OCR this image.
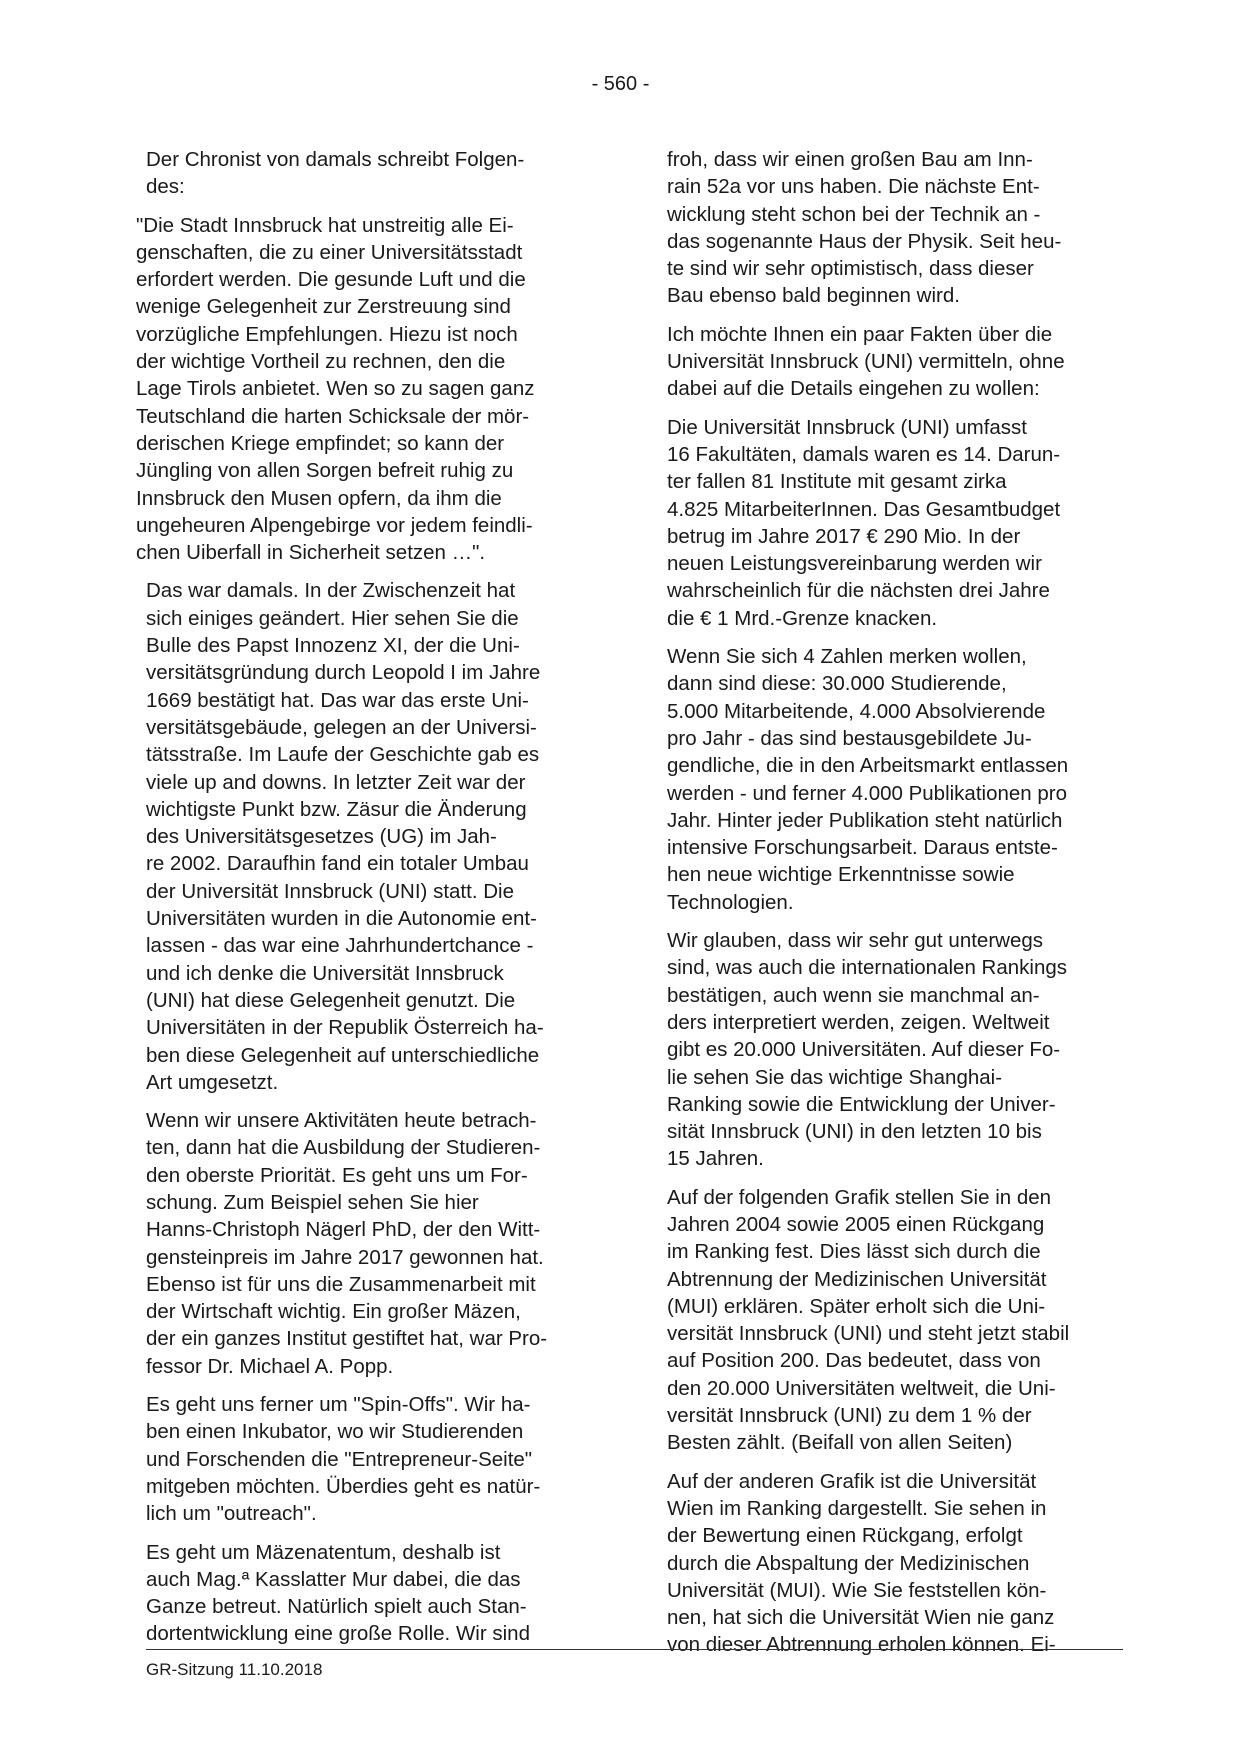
- 560 -

Der Chronist von damals schreibt Folgen-
des:

"Die Stadt Innsbruck hat unstreitig alle Ei-
genschaften, die zu einer Universitätsstadt
erfordert werden. Die gesunde Luft und die
wenige Gelegenheit zur Zerstreuung sind
vorzügliche Empfehlungen. Hiezu ist noch
der wichtige Vortheil zu rechnen, den die
Lage Tirols anbietet. Wen so zu sagen ganz
Teutschland die harten Schicksale der mör-
derischen Kriege empfindet; so kann der
Jüngling von allen Sorgen befreit ruhig zu
Innsbruck den Musen opfern, da ihm die
ungeheuren Alpengebirge vor jedem feindli-
chen Uiberfall in Sicherheit setzen …".

Das war damals. In der Zwischenzeit hat
sich einiges geändert. Hier sehen Sie die
Bulle des Papst Innozenz XI, der die Uni-
versitätsgründung durch Leopold I im Jahre
1669 bestätigt hat. Das war das erste Uni-
versitätsgebäude, gelegen an der Universi-
tätsstraße. Im Laufe der Geschichte gab es
viele up and downs. In letzter Zeit war der
wichtigste Punkt bzw. Zäsur die Änderung
des Universitätsgesetzes (UG) im Jah-
re 2002. Daraufhin fand ein totaler Umbau
der Universität Innsbruck (UNI) statt. Die
Universitäten wurden in die Autonomie ent-
lassen - das war eine Jahrhundertchance -
und ich denke die Universität Innsbruck
(UNI) hat diese Gelegenheit genutzt. Die
Universitäten in der Republik Österreich ha-
ben diese Gelegenheit auf unterschiedliche
Art umgesetzt.

Wenn wir unsere Aktivitäten heute betrach-
ten, dann hat die Ausbildung der Studieren-
den oberste Priorität. Es geht uns um For-
schung. Zum Beispiel sehen Sie hier
Hanns-Christoph Nägerl PhD, der den Witt-
gensteinpreis im Jahre 2017 gewonnen hat.
Ebenso ist für uns die Zusammenarbeit mit
der Wirtschaft wichtig. Ein großer Mäzen,
der ein ganzes Institut gestiftet hat, war Pro-
fessor Dr. Michael A. Popp.

Es geht uns ferner um "Spin-Offs". Wir ha-
ben einen Inkubator, wo wir Studierenden
und Forschenden die "Entrepreneur-Seite"
mitgeben möchten. Überdies geht es natür-
lich um "outreach".

Es geht um Mäzenatentum, deshalb ist
auch Mag.ª Kasslatter Mur dabei, die das
Ganze betreut. Natürlich spielt auch Stan-
dortentwicklung eine große Rolle. Wir sind

froh, dass wir einen großen Bau am Inn-
rain 52a vor uns haben. Die nächste Ent-
wicklung steht schon bei der Technik an -
das sogenannte Haus der Physik. Seit heu-
te sind wir sehr optimistisch, dass dieser
Bau ebenso bald beginnen wird.

Ich möchte Ihnen ein paar Fakten über die
Universität Innsbruck (UNI) vermitteln, ohne
dabei auf die Details eingehen zu wollen:

Die Universität Innsbruck (UNI) umfasst
16 Fakultäten, damals waren es 14. Darun-
ter fallen 81 Institute mit gesamt zirka
4.825 MitarbeiterInnen. Das Gesamtbudget
betrug im Jahre 2017 € 290 Mio. In der
neuen Leistungsvereinbarung werden wir
wahrscheinlich für die nächsten drei Jahre
die € 1 Mrd.-Grenze knacken.

Wenn Sie sich 4 Zahlen merken wollen,
dann sind diese: 30.000 Studierende,
5.000 Mitarbeitende, 4.000 Absolvierende
pro Jahr - das sind bestausgebildete Ju-
gendliche, die in den Arbeitsmarkt entlassen
werden - und ferner 4.000 Publikationen pro
Jahr. Hinter jeder Publikation steht natürlich
intensive Forschungsarbeit. Daraus entste-
hen neue wichtige Erkenntnisse sowie
Technologien.

Wir glauben, dass wir sehr gut unterwegs
sind, was auch die internationalen Rankings
bestätigen, auch wenn sie manchmal an-
ders interpretiert werden, zeigen. Weltweit
gibt es 20.000 Universitäten. Auf dieser Fo-
lie sehen Sie das wichtige Shanghai-
Ranking sowie die Entwicklung der Univer-
sität Innsbruck (UNI) in den letzten 10 bis
15 Jahren.

Auf der folgenden Grafik stellen Sie in den
Jahren 2004 sowie 2005 einen Rückgang
im Ranking fest. Dies lässt sich durch die
Abtrennung der Medizinischen Universität
(MUI) erklären. Später erholt sich die Uni-
versität Innsbruck (UNI) und steht jetzt stabil
auf Position 200. Das bedeutet, dass von
den 20.000 Universitäten weltweit, die Uni-
versität Innsbruck (UNI) zu dem 1 % der
Besten zählt. (Beifall von allen Seiten)

Auf der anderen Grafik ist die Universität
Wien im Ranking dargestellt. Sie sehen in
der Bewertung einen Rückgang, erfolgt
durch die Abspaltung der Medizinischen
Universität (MUI). Wie Sie feststellen kön-
nen, hat sich die Universität Wien nie ganz
von dieser Abtrennung erholen können. Ei-

GR-Sitzung 11.10.2018
